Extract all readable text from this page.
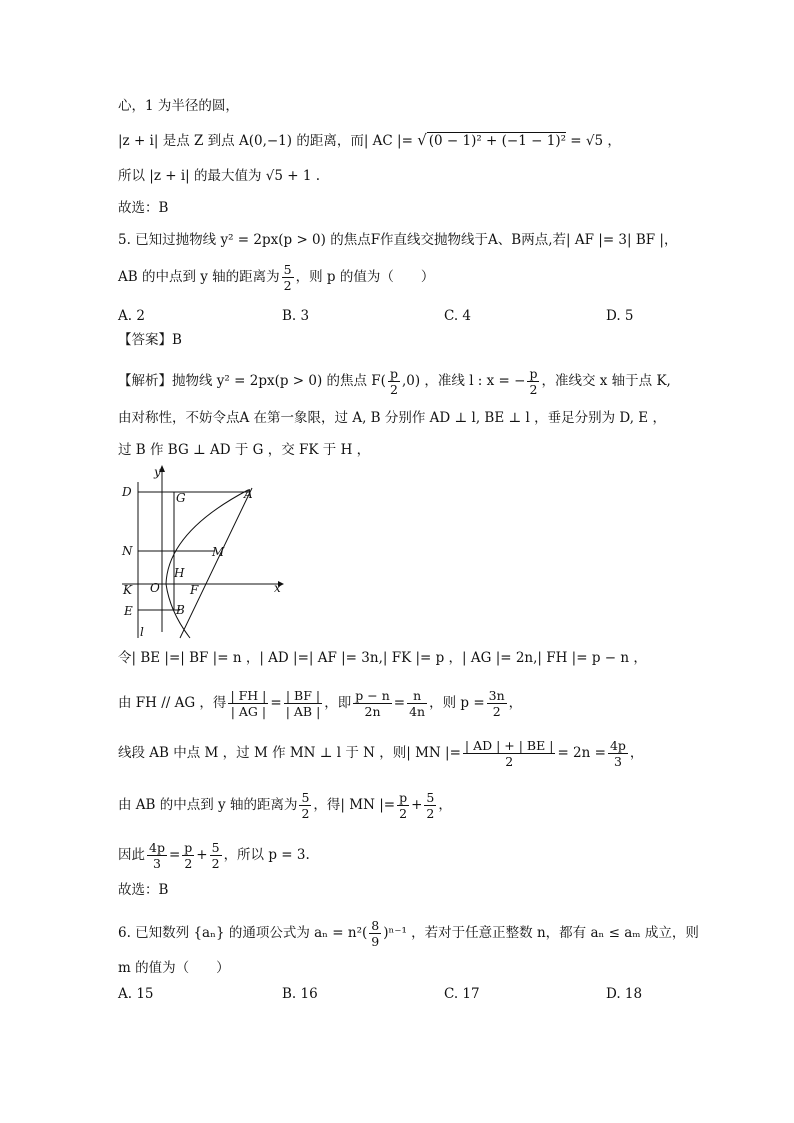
心，1 为半径的圆，
|z + i| 是点 Z 到点 A(0,−1) 的距离，而| AC |= √ (0 − 1)² + (−1 − 1)² = √5 ，
所以 |z + i| 的最大值为 √5 + 1 .
故选：B
5. 已知过抛物线 y² = 2px(p > 0) 的焦点F作直线交抛物线于A、B两点,若| AF |= 3| BF |，
AB 的中点到 y 轴的距离为 $\frac{5}{2}$ ，则 p 的值为（　　）
A. 2	B. 3	C. 4	D. 5
【答案】B
【解析】抛物线 y² = 2px(p > 0) 的焦点 $F( \frac{p}{2} ,0)$ ，准线 l : x = − $\frac{p}{2}$ ，准线交 x 轴于点 K,
由对称性，不妨令点A 在第一象限，过 A, B 分别作 AD ⊥ l, BE ⊥ l ，垂足分别为 D, E ，
过 B 作 BG ⊥ AD 于 G ，交 FK 于 H ，
y
x
D	G	A
N	M
H
K O	F
E	B
l
令| BE |=| BF |= n ，| AD |=| AF |= 3n,| FK |= p ，| AG |= 2n,| FH |= p − n ，
由 FH // AG ，得 $\frac{| FH |}{| AG |} = \frac{| BF |}{| AB |}$ ，即 $\frac{p - n}{2n} = \frac{n}{4n}$ ，则 $p = \frac{3n}{2}$ ，
线段 AB 中点 M ，过 M 作 MN ⊥ l 于 N ，则| MN |= $\frac{| AD | + | BE |}{2} = 2n = \frac{4p}{3}$ ，
由 AB 的中点到 y 轴的距离为 $\frac{5}{2}$ ，得| MN |= $\frac{p}{2} + \frac{5}{2}$ ，
因此 $\frac{4p}{3} = \frac{p}{2} + \frac{5}{2}$ ，所以 p = 3.
故选：B
6. 已知数列 {aₙ} 的通项公式为 $a_n = n^2( \frac{8}{9} )^{n-1}$ ，若对于任意正整数 n，都有 aₙ ≤ aₘ 成立，则
m 的值为（　　）
A. 15	B. 16	C. 17	D. 18
